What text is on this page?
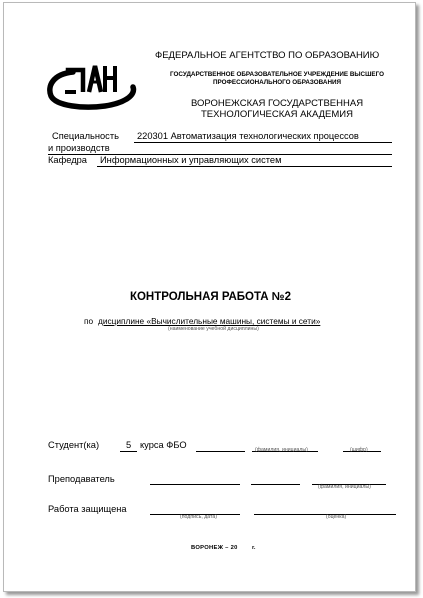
ФЕДЕРАЛЬНОЕ АГЕНТСТВО ПО ОБРАЗОВАНИЮ
ГОСУДАРСТВЕННОЕ ОБРАЗОВАТЕЛЬНОЕ УЧРЕЖДЕНИЕ ВЫСШЕГО
ПРОФЕССИОНАЛЬНОГО ОБРАЗОВАНИЯ
ВОРОНЕЖСКАЯ ГОСУДАРСТВЕННАЯ
ТЕХНОЛОГИЧЕСКАЯ АКАДЕМИЯ
Специальность 220301 Автоматизация технологических процессов
и производств
Кафедра Информационных и управляющих систем
КОНТРОЛЬНАЯ РАБОТА №2
по дисциплине «Вычислительные машины, системы и сети»
(наименование учебной дисциплины)
Студент(ка)	5 курса ФБО	(фамилия, инициалы)	(шифр)
Преподаватель
(фамилия, инициалы)
Работа защищена
(подпись, дата)	(оценка)
ВОРОНЕЖ – 20 г.
